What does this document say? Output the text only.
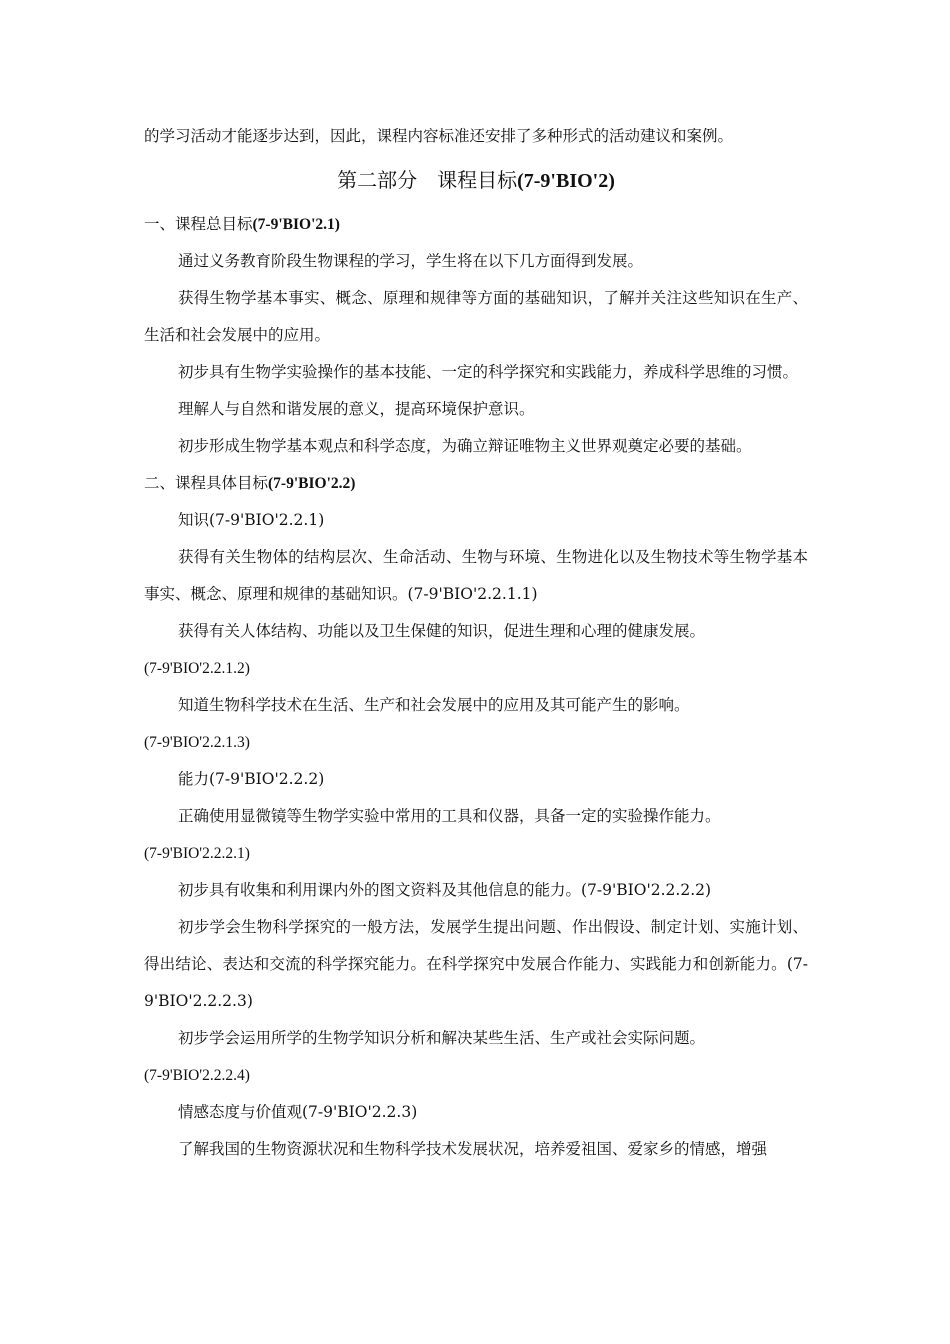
的学习活动才能逐步达到，因此，课程内容标准还安排了多种形式的活动建议和案例。

第二部分　课程目标(7-9'BIO'2)

一、课程总目标(7-9'BIO'2.1)

通过义务教育阶段生物课程的学习，学生将在以下几方面得到发展。

获得生物学基本事实、概念、原理和规律等方面的基础知识，了解并关注这些知识在生产、生活和社会发展中的应用。

初步具有生物学实验操作的基本技能、一定的科学探究和实践能力，养成科学思维的习惯。

理解人与自然和谐发展的意义，提高环境保护意识。

初步形成生物学基本观点和科学态度，为确立辩证唯物主义世界观奠定必要的基础。

二、课程具体目标(7-9'BIO'2.2)

知识(7-9'BIO'2.2.1)

获得有关生物体的结构层次、生命活动、生物与环境、生物进化以及生物技术等生物学基本事实、概念、原理和规律的基础知识。(7-9'BIO'2.2.1.1)

获得有关人体结构、功能以及卫生保健的知识，促进生理和心理的健康发展。

(7-9'BIO'2.2.1.2)

知道生物科学技术在生活、生产和社会发展中的应用及其可能产生的影响。

(7-9'BIO'2.2.1.3)

能力(7-9'BIO'2.2.2)

正确使用显微镜等生物学实验中常用的工具和仪器，具备一定的实验操作能力。

(7-9'BIO'2.2.2.1)

初步具有收集和利用课内外的图文资料及其他信息的能力。(7-9'BIO'2.2.2.2)

初步学会生物科学探究的一般方法，发展学生提出问题、作出假设、制定计划、实施计划、得出结论、表达和交流的科学探究能力。在科学探究中发展合作能力、实践能力和创新能力。(7-9'BIO'2.2.2.3)

初步学会运用所学的生物学知识分析和解决某些生活、生产或社会实际问题。

(7-9'BIO'2.2.2.4)

情感态度与价值观(7-9'BIO'2.2.3)

了解我国的生物资源状况和生物科学技术发展状况，培养爱祖国、爱家乡的情感，增强
